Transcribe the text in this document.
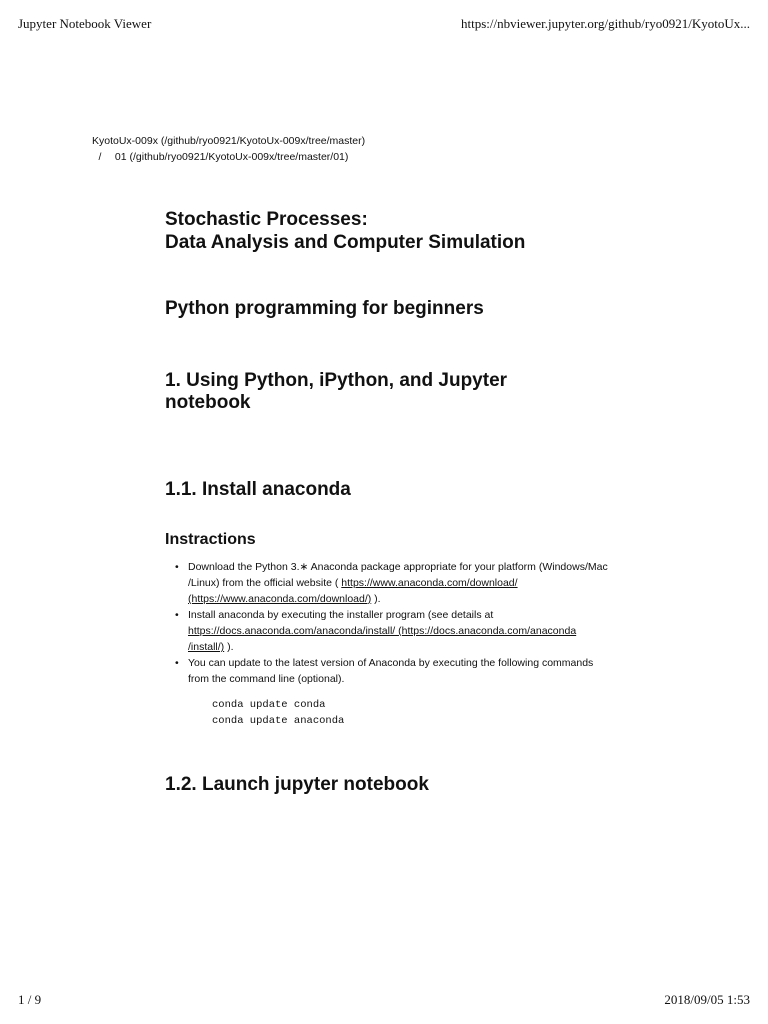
Jupyter Notebook Viewer	https://nbviewer.jupyter.org/github/ryo0921/KyotoUx...
KyotoUx-009x (/github/ryo0921/KyotoUx-009x/tree/master)
/ 01 (/github/ryo0921/KyotoUx-009x/tree/master/01)
Stochastic Processes:
Data Analysis and Computer Simulation
Python programming for beginners
1. Using Python, iPython, and Jupyter notebook
1.1. Install anaconda
Instractions
• Download the Python 3.∗ Anaconda package appropriate for your platform (Windows/Mac
/Linux) from the official website ( https://www.anaconda.com/download/
(https://www.anaconda.com/download/) ).
• Install anaconda by executing the installer program (see details at
https://docs.anaconda.com/anaconda/install/ (https://docs.anaconda.com/anaconda
/install/) ).
• You can update to the latest version of Anaconda by executing the following commands
from the command line (optional).
conda update conda
conda update anaconda
1.2. Launch jupyter notebook
1 / 9	2018/09/05 1:53
